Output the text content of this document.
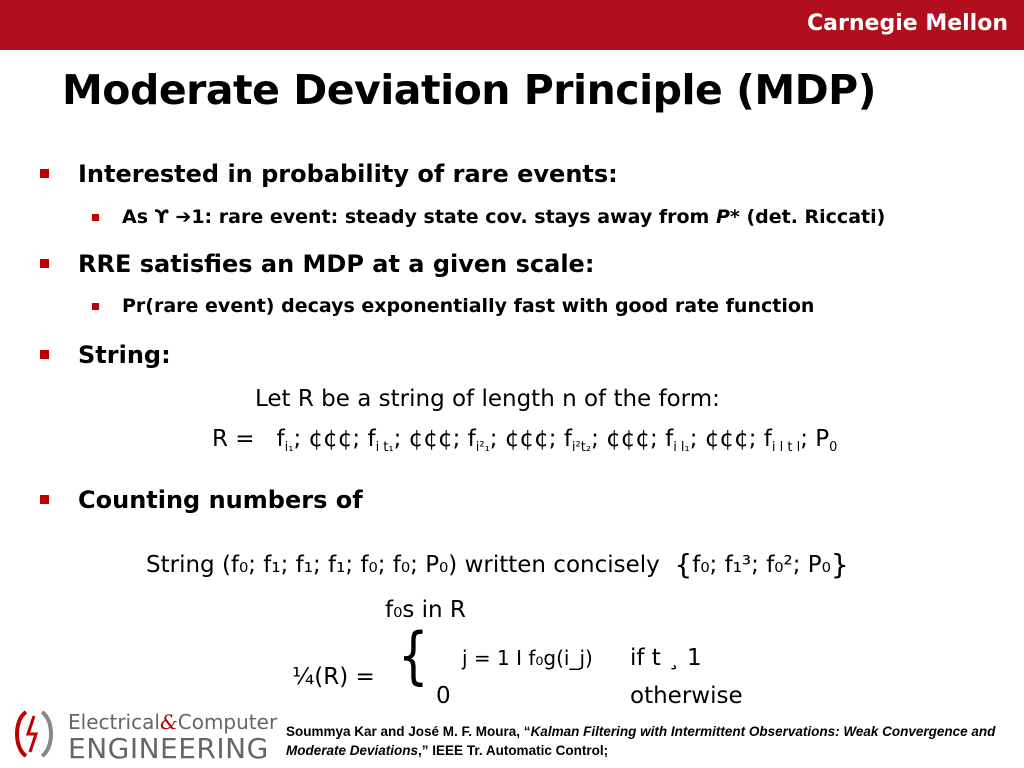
Carnegie Mellon
Moderate Deviation Principle (MDP)
Interested in probability of rare events:
As ϒ ➔1: rare event: steady state cov. stays away from P* (det. Riccati)
RRE satisfies an MDP at a given scale:
Pr(rare event) decays exponentially fast with good rate function
String:
Let R be a string of length n of the form:
$R = f_{i_1}$; ¢¢¢; $f_{i t_1}$; ¢¢¢; $f_{i^2_1}$; ¢¢¢; $f_{i^2t_2}$; ¢¢¢; $f_{i l_1}$; ¢¢¢; $f_{i l t l}$; $P_0$
Counting numbers of
String (f₀; f₁; f₁; f₁; f₀; f₀; P₀) written concisely {f₀; f₁³; f₀²; P₀}
f₀s in R
¼(R) = { j = 1 I f₀g(i_j) if t ¸ 1
0	otherwise
Electrical&Computer
ENGINEERING
Soummya Kar and José M. F. Moura, “Kalman Filtering with Intermittent Observations: Weak Convergence and Moderate Deviations,” IEEE Tr. Automatic Control;
